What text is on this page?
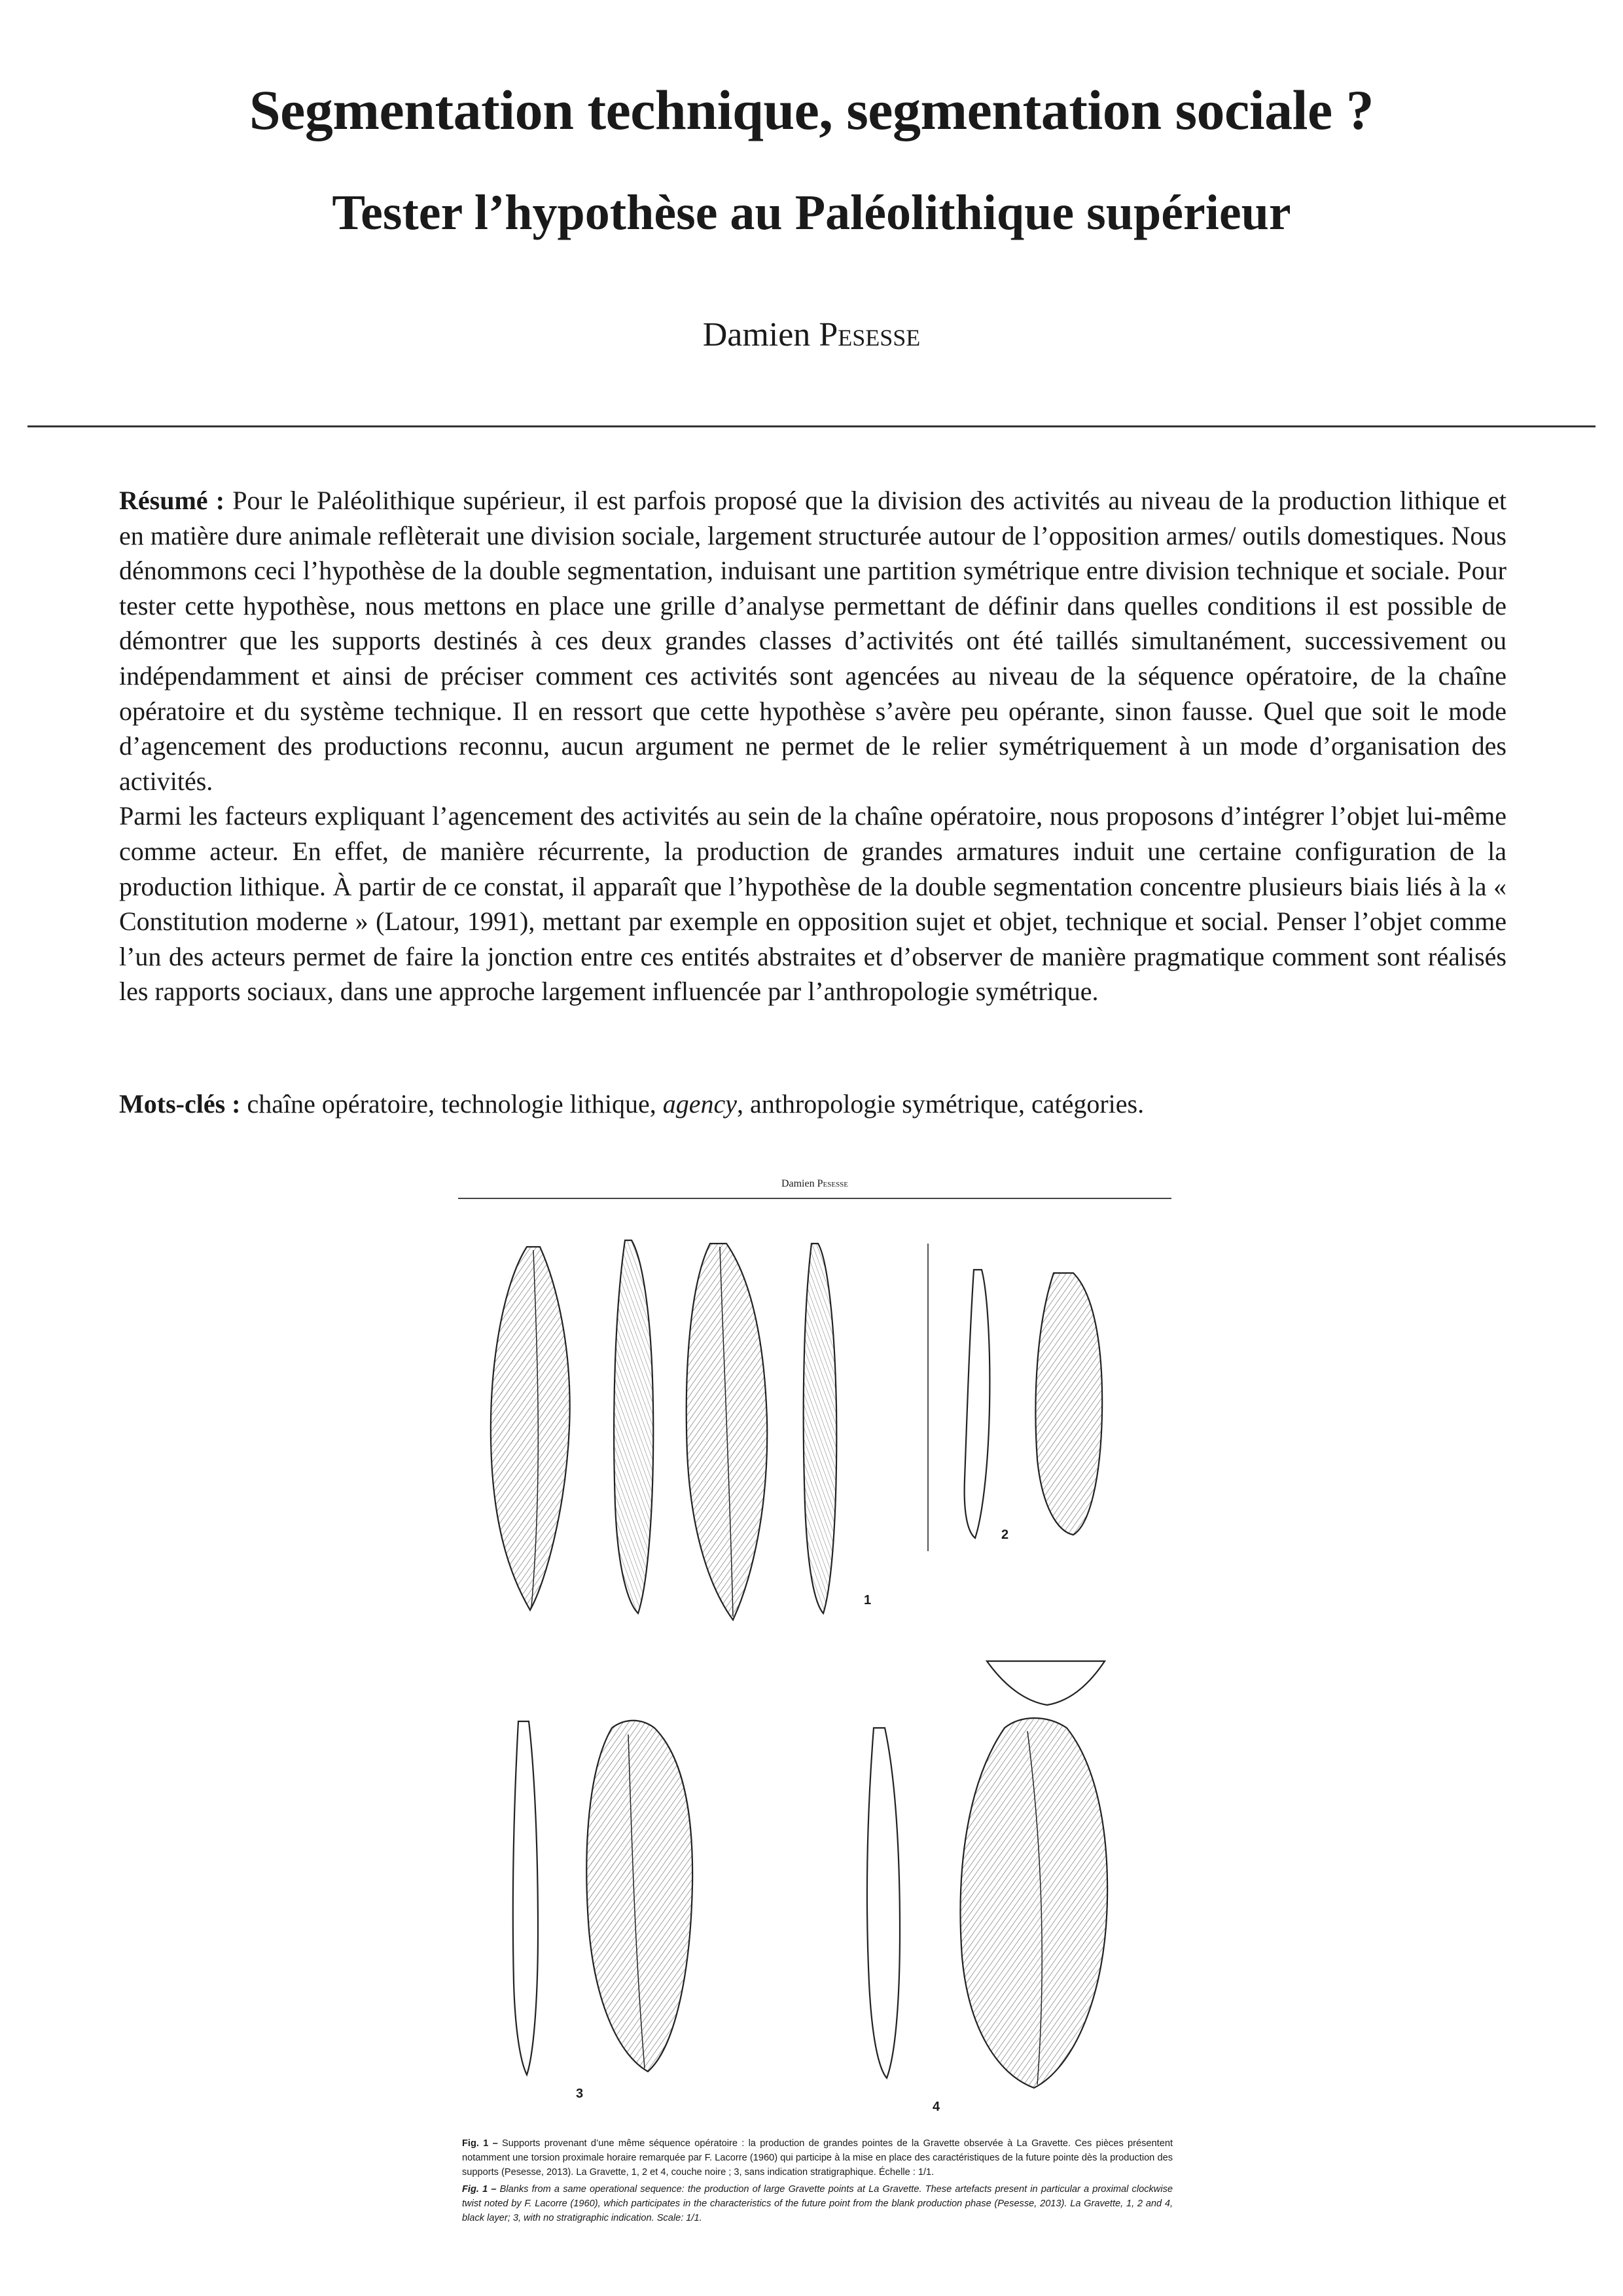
Segmentation technique, segmentation sociale ?
Tester l’hypothèse au Paléolithique supérieur
Damien Pesesse

Résumé : Pour le Paléolithique supérieur, il est parfois proposé que la division des activités au niveau de la production lithique et en matière dure animale reflèterait une division sociale, largement structurée autour de l’opposition armes/ outils domestiques. Nous dénommons ceci l’hypothèse de la double segmentation, induisant une partition symétrique entre division technique et sociale. Pour tester cette hypothèse, nous mettons en place une grille d’analyse permettant de définir dans quelles conditions il est possible de démontrer que les supports destinés à ces deux grandes classes d’activités ont été taillés simultanément, successivement ou indépendamment et ainsi de préciser comment ces activités sont agencées au niveau de la séquence opératoire, de la chaîne opératoire et du système technique. Il en ressort que cette hypothèse s’avère peu opérante, sinon fausse. Quel que soit le mode d’agencement des productions reconnu, aucun argument ne permet de le relier symétriquement à un mode d’organisation des activités.

Parmi les facteurs expliquant l’agencement des activités au sein de la chaîne opératoire, nous proposons d’intégrer l’objet lui-même comme acteur. En effet, de manière récurrente, la production de grandes armatures induit une certaine configuration de la production lithique. À partir de ce constat, il apparaît que l’hypothèse de la double segmentation concentre plusieurs biais liés à la « Constitution moderne » (Latour, 1991), mettant par exemple en opposition sujet et objet, technique et social. Penser l’objet comme l’un des acteurs permet de faire la jonction entre ces entités abstraites et d’observer de manière pragmatique comment sont réalisés les rapports sociaux, dans une approche largement influencée par l’anthropologie symétrique.

Mots-clés : chaîne opératoire, technologie lithique, agency, anthropologie symétrique, catégories.
Damien Pesesse
1
2
3
4

Fig. 1 – Supports provenant d’une même séquence opératoire : la production de grandes pointes de la Gravette observée à La Gravette. Ces pièces présentent notamment une torsion proximale horaire remarquée par F. Lacorre (1960) qui participe à la mise en place des caractéristiques de la future pointe dès la production des supports (Pesesse, 2013). La Gravette, 1, 2 et 4, couche noire ; 3, sans indication stratigraphique. Échelle : 1/1.

Fig. 1 – Blanks from a same operational sequence: the production of large Gravette points at La Gravette. These artefacts present in particular a proximal clockwise twist noted by F. Lacorre (1960), which participates in the characteristics of the future point from the blank production phase (Pesesse, 2013). La Gravette, 1, 2 and 4, black layer; 3, with no stratigraphic indication. Scale: 1/1.
